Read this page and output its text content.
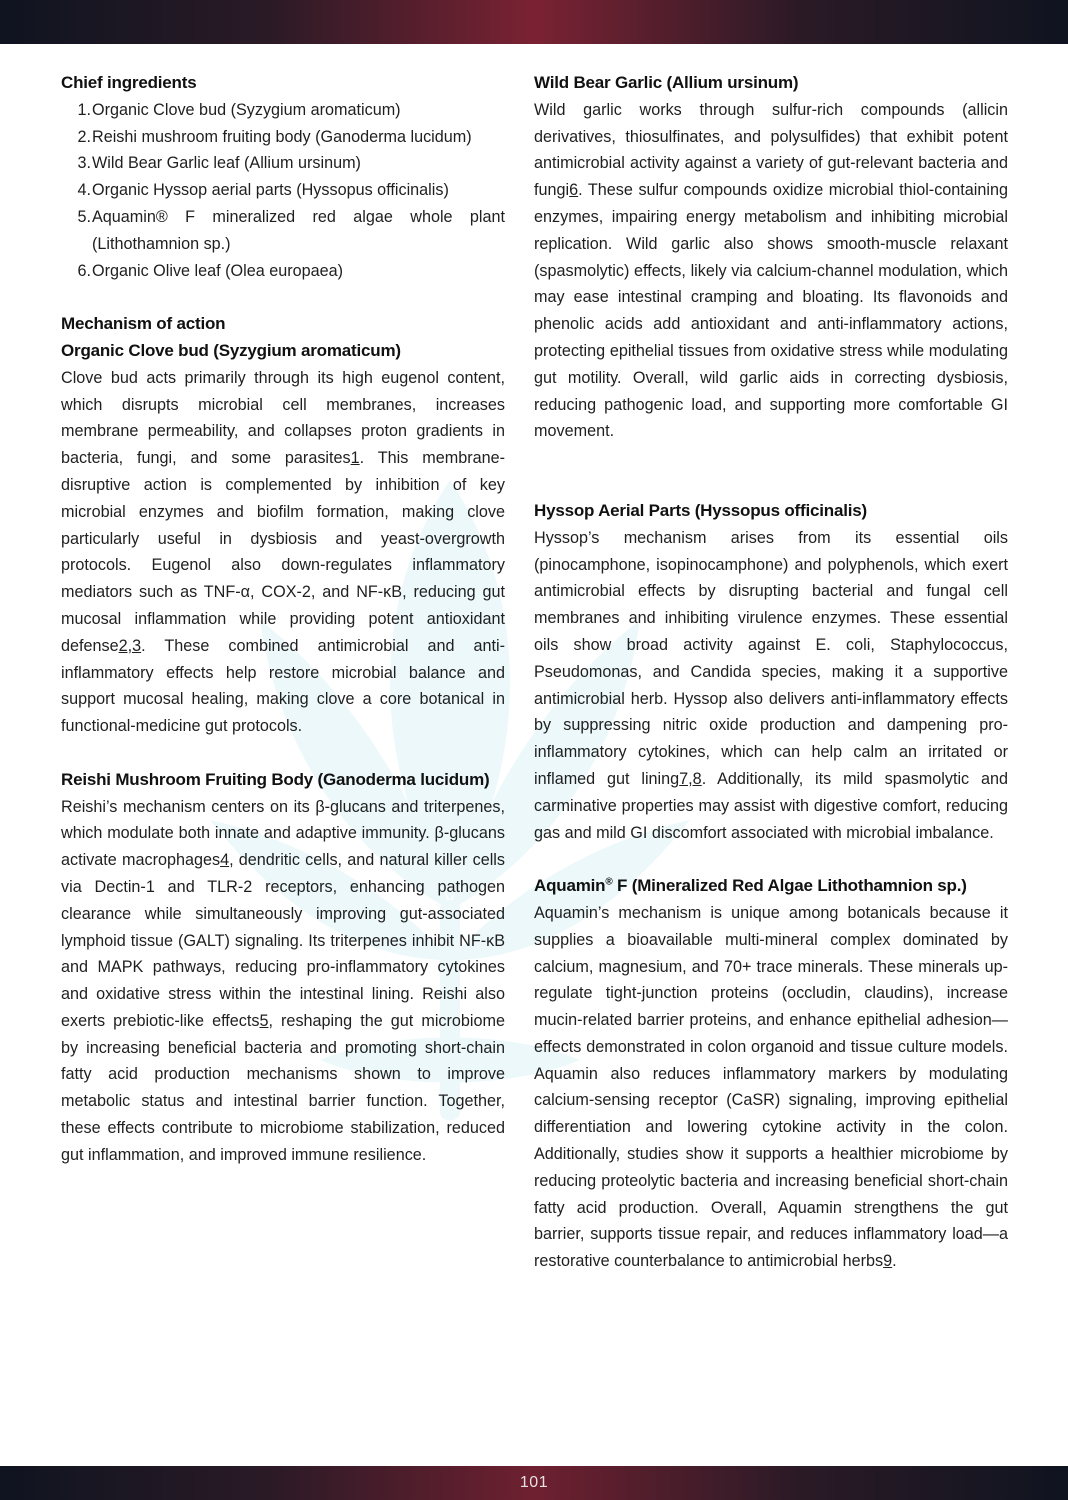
Chief ingredients
1. Organic Clove bud (Syzygium aromaticum)
2. Reishi mushroom fruiting body (Ganoderma lucidum)
3. Wild Bear Garlic leaf (Allium ursinum)
4. Organic Hyssop aerial parts (Hyssopus officinalis)
5. Aquamin® F mineralized red algae whole plant (Lithothamnion sp.)
6. Organic Olive leaf (Olea europaea)
Mechanism of action
Organic Clove bud (Syzygium aromaticum)

Clove bud acts primarily through its high eugenol content, which disrupts microbial cell membranes, increases membrane permeability, and collapses proton gradients in bacteria, fungi, and some parasites1. This membrane-disruptive action is complemented by inhibition of key microbial enzymes and biofilm formation, making clove particularly useful in dysbiosis and yeast-overgrowth protocols. Eugenol also down-regulates inflammatory mediators such as TNF-α, COX-2, and NF-κB, reducing gut mucosal inflammation while providing potent antioxidant defense2,3. These combined antimicrobial and anti-inflammatory effects help restore microbial balance and support mucosal healing, making clove a core botanical in functional-medicine gut protocols.

Reishi Mushroom Fruiting Body (Ganoderma lucidum)

Reishi’s mechanism centers on its β-glucans and triterpenes, which modulate both innate and adaptive immunity. β-glucans activate macrophages4, dendritic cells, and natural killer cells via Dectin-1 and TLR-2 receptors, enhancing pathogen clearance while simultaneously improving gut-associated lymphoid tissue (GALT) signaling. Its triterpenes inhibit NF-κB and MAPK pathways, reducing pro-inflammatory cytokines and oxidative stress within the intestinal lining. Reishi also exerts prebiotic-like effects5, reshaping the gut microbiome by increasing beneficial bacteria and promoting short-chain fatty acid production mechanisms shown to improve metabolic status and intestinal barrier function. Together, these effects contribute to microbiome stabilization, reduced gut inflammation, and improved immune resilience.

Wild Bear Garlic (Allium ursinum)

Wild garlic works through sulfur-rich compounds (allicin derivatives, thiosulfinates, and polysulfides) that exhibit potent antimicrobial activity against a variety of gut-relevant bacteria and fungi6. These sulfur compounds oxidize microbial thiol-containing enzymes, impairing energy metabolism and inhibiting microbial replication. Wild garlic also shows smooth-muscle relaxant (spasmolytic) effects, likely via calcium-channel modulation, which may ease intestinal cramping and bloating. Its flavonoids and phenolic acids add antioxidant and anti-inflammatory actions, protecting epithelial tissues from oxidative stress while modulating gut motility. Overall, wild garlic aids in correcting dysbiosis, reducing pathogenic load, and supporting more comfortable GI movement.

Hyssop Aerial Parts (Hyssopus officinalis)

Hyssop’s mechanism arises from its essential oils (pinocamphone, isopinocamphone) and polyphenols, which exert antimicrobial effects by disrupting bacterial and fungal cell membranes and inhibiting virulence enzymes. These essential oils show broad activity against E. coli, Staphylococcus, Pseudomonas, and Candida species, making it a supportive antimicrobial herb. Hyssop also delivers anti-inflammatory effects by suppressing nitric oxide production and dampening pro-inflammatory cytokines, which can help calm an irritated or inflamed gut lining7,8. Additionally, its mild spasmolytic and carminative properties may assist with digestive comfort, reducing gas and mild GI discomfort associated with microbial imbalance.

Aquamin® F (Mineralized Red Algae Lithothamnion sp.)

Aquamin’s mechanism is unique among botanicals because it supplies a bioavailable multi-mineral complex dominated by calcium, magnesium, and 70+ trace minerals. These minerals up-regulate tight-junction proteins (occludin, claudins), increase mucin-related barrier proteins, and enhance epithelial adhesion—effects demonstrated in colon organoid and tissue culture models. Aquamin also reduces inflammatory markers by modulating calcium-sensing receptor (CaSR) signaling, improving epithelial differentiation and lowering cytokine activity in the colon. Additionally, studies show it supports a healthier microbiome by reducing proteolytic bacteria and increasing beneficial short-chain fatty acid production. Overall, Aquamin strengthens the gut barrier, supports tissue repair, and reduces inflammatory load—a restorative counterbalance to antimicrobial herbs9.

101
